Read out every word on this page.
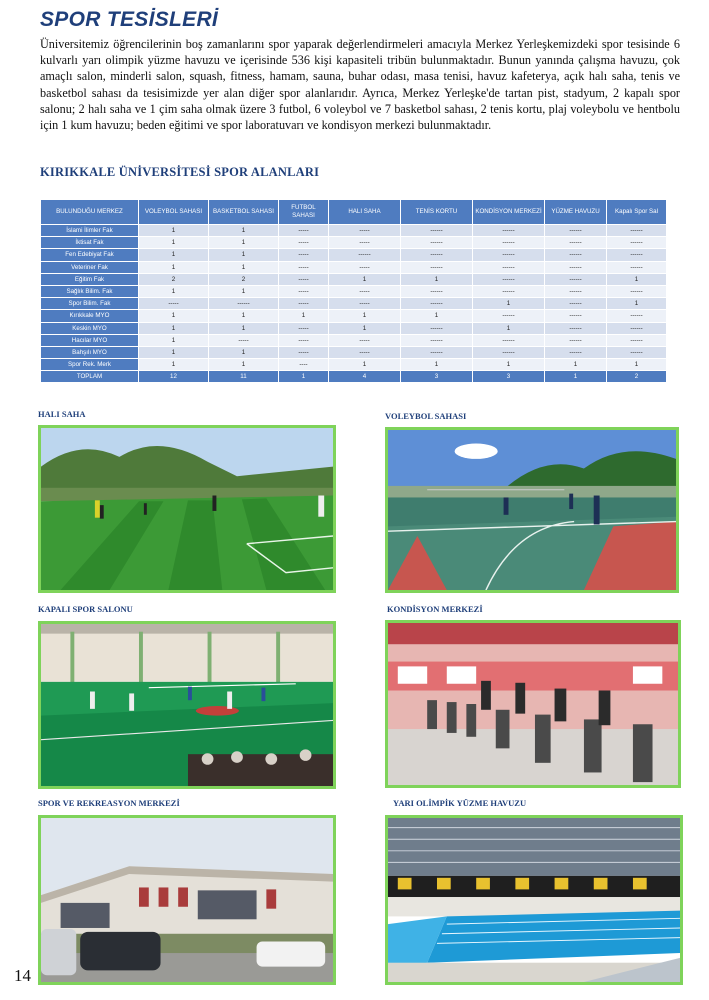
SPOR TESİSLERİ

Üniversitemiz öğrencilerinin boş zamanlarını spor yaparak değerlendirmeleri amacıyla Merkez Yerleşkemizdeki spor tesisinde 6 kulvarlı yarı olimpik yüzme havuzu ve içerisinde 536 kişi kapasiteli tribün bulunmaktadır. Bunun yanında çalışma havuzu, çok amaçlı salon, minderli salon, squash, fitness, hamam, sauna, buhar odası, masa tenisi, havuz kafeterya, açık halı saha, tenis ve basketbol sahası da tesisimizde yer alan diğer spor alanlarıdır. Ayrıca, Merkez Yerleşke'de tartan pist, stadyum, 2 kapalı spor salonu; 2 halı saha ve 1 çim saha olmak üzere 3 futbol, 6 voleybol ve 7 basketbol sahası, 2 tenis kortu, plaj voleybolu ve hentbolu için 1 kum havuzu; beden eğitimi ve spor laboratuvarı ve kondisyon merkezi bulunmaktadır.

KIRIKKALE ÜNİVERSİTESİ SPOR ALANLARI
BULUNDUĞU MERKEZ	VOLEYBOL SAHASI	BASKETBOL SAHASI	FUTBOL SAHASI	HALI SAHA	TENİS KORTU	KONDİSYON MERKEZİ	YÜZME HAVUZU	Kapalı Spor Sal
İslami İlimler Fak	1	1	-----	-----	------	------	------	------
İktisat Fak	1	1	-----	-----	------	------	------	------
Fen Edebiyat Fak	1	1	-----	------	------	------	------	------
Veteriner Fak	1	1	-----	-----	------	------	------	------
Eğitim Fak	2	2	-----	1	1	------	------	1
Sağlık Bilim. Fak	1	1	-----	-----	------	------	------	------
Spor Bilim. Fak	-----	------	-----	-----	------	1	------	1
Kırıkkale MYO	1	1	1	1	1	------	------	------
Keskin MYO	1	1	-----	1	------	1	------	------
Hacılar MYO	1	-----	-----	-----	------	------	------	------
Bahşılı MYO	1	1	-----	-----	------	------	------	------
Spor Rek. Merk	1	1	----	1	1	1	1	1
TOPLAM	12	11	1	4	3	3	1	2
HALI SAHA	VOLEYBOL SAHASI
KAPALI SPOR SALONU	KONDİSYON MERKEZİ
SPOR VE REKREASYON MERKEZİ	YARI OLİMPİK YÜZME HAVUZU
14
